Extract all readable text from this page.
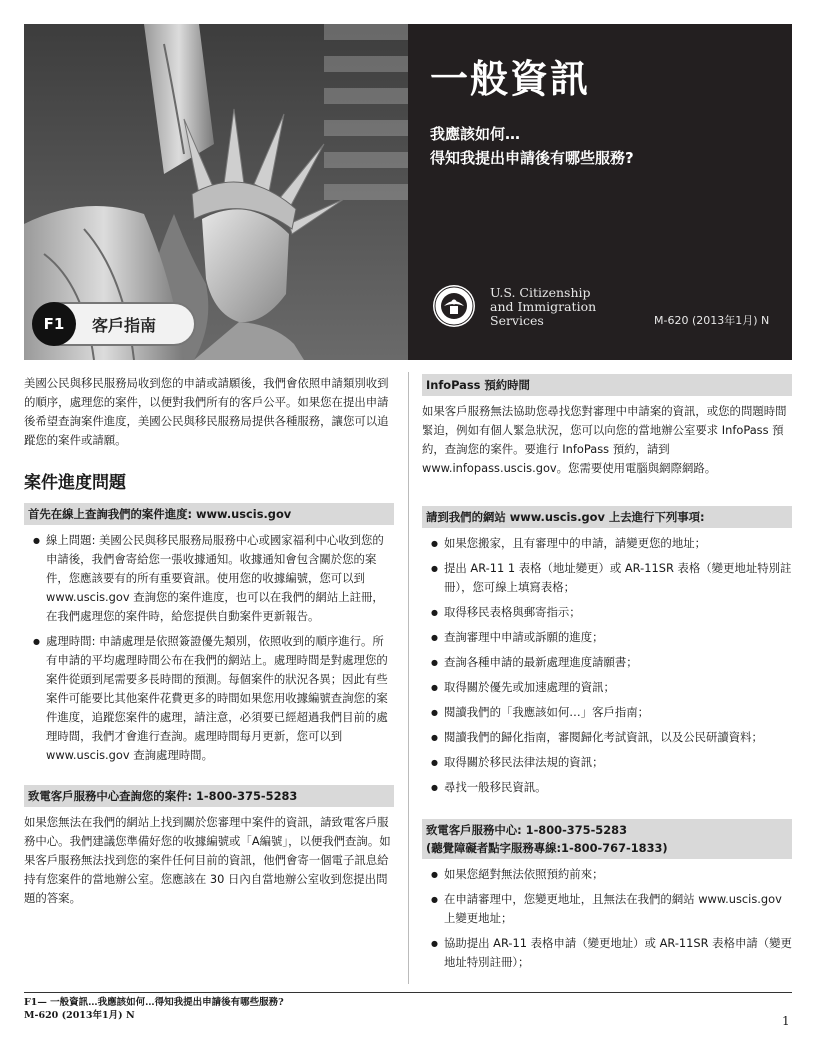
F1	客戶指南
一般資訊
我應該如何…
得知我提出申請後有哪些服務?
U.S. Citizenship
and Immigration
Services	M-620 (2013年1月) N

美國公民與移民服務局收到您的申請或請願後，我們會依照申請類別收到的順序，處理您的案件，以便對我們所有的客戶公平。如果您在提出申請後希望查詢案件進度，美國公民與移民服務局提供各種服務，讓您可以追蹤您的案件或請願。

案件進度問題
首先在線上查詢我們的案件進度: www.uscis.gov
● 線上問題: 美國公民與移民服務局服務中心或國家福利中心收到您的申請後，我們會寄給您一張收據通知。收據通知會包含關於您的案件，您應該要有的所有重要資訊。使用您的收據編號，您可以到 www.uscis.gov 查詢您的案件進度，也可以在我們的網站上註冊，在我們處理您的案件時，給您提供自動案件更新報告。
● 處理時間: 申請處理是依照簽證優先類別，依照收到的順序進行。所有申請的平均處理時間公布在我們的網站上。處理時間是對處理您的案件從頭到尾需要多長時間的預測。每個案件的狀況各異；因此有些案件可能要比其他案件花費更多的時間如果您用收據編號查詢您的案件進度，追蹤您案件的處理，請注意，必須要已經超過我們目前的處理時間，我們才會進行查詢。處理時間每月更新，您可以到 www.uscis.gov 查詢處理時間。
致電客戶服務中心查詢您的案件: 1-800-375-5283

如果您無法在我們的網站上找到關於您審理中案件的資訊，請致電客戶服務中心。我們建議您準備好您的收據編號或「A編號」，以便我們查詢。如果客戶服務無法找到您的案件任何目前的資訊，他們會寄一個電子訊息給持有您案件的當地辦公室。您應該在 30 日內自當地辦公室收到您提出問題的答案。

InfoPass 預約時間

如果客戶服務無法協助您尋找您對審理中申請案的資訊，或您的問題時間緊迫，例如有個人緊急狀況，您可以向您的當地辦公室要求 InfoPass 預約，查詢您的案件。要進行 InfoPass 預約，請到 www.infopass.uscis.gov。您需要使用電腦與網際網路。

請到我們的網站 www.uscis.gov 上去進行下列事項:
● 如果您搬家，且有審理中的申請，請變更您的地址；
● 提出 AR-11 1 表格（地址變更）或 AR-11SR 表格（變更地址特別註冊），您可線上填寫表格；
● 取得移民表格與郵寄指示；
● 查詢審理中申請或訴願的進度；
● 查詢各種申請的最新處理進度請願書；
● 取得關於優先或加速處理的資訊；
● 閱讀我們的「我應該如何…」客戶指南；
● 閱讀我們的歸化指南，審閱歸化考試資訊，以及公民研讀資料；
● 取得關於移民法律法規的資訊；
● 尋找一般移民資訊。
致電客戶服務中心: 1-800-375-5283
(聽覺障礙者點字服務專線:1-800-767-1833)
● 如果您絕對無法依照預約前來；
● 在申請審理中，您變更地址，且無法在我們的網站 www.uscis.gov 上變更地址；
● 協助提出 AR-11 表格申請（變更地址）或 AR-11SR 表格申請（變更地址特別註冊）；
F1— 一般資訊…我應該如何…得知我提出申請後有哪些服務?
M-620 (2013年1月) N	1
